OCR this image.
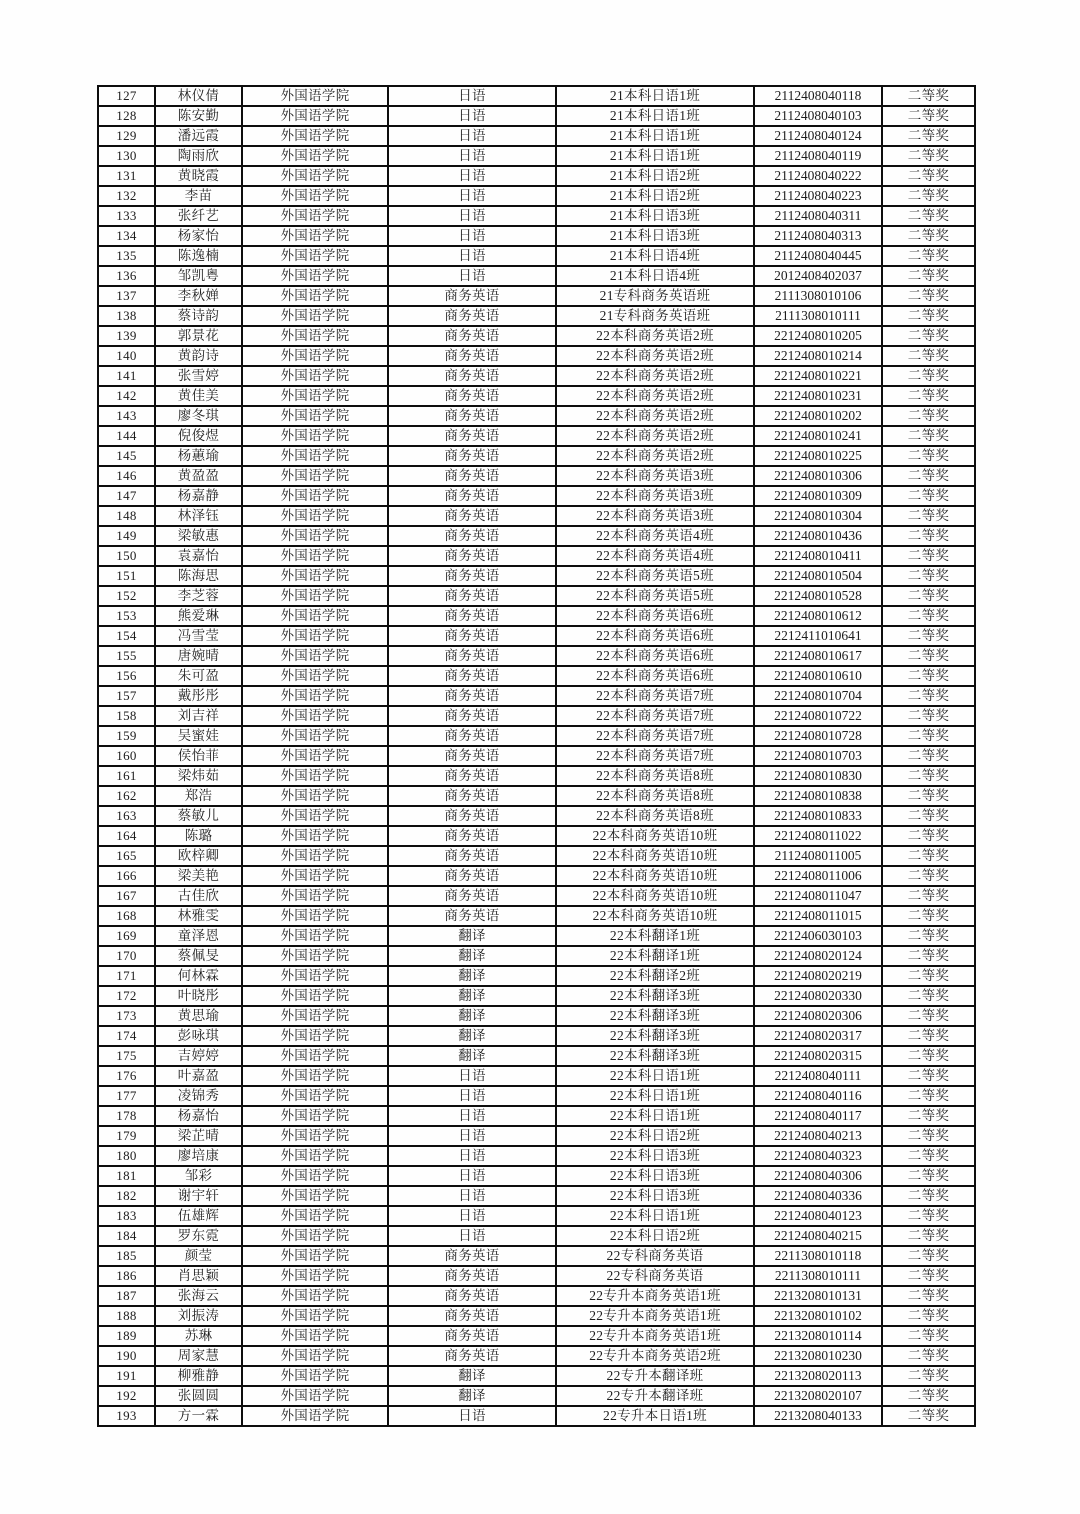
127	林仪倩	外国语学院	日语	21本科日语1班	2112408040118	二等奖
128	陈安勤	外国语学院	日语	21本科日语1班	2112408040103	二等奖
129	潘远霞	外国语学院	日语	21本科日语1班	2112408040124	二等奖
130	陶雨欣	外国语学院	日语	21本科日语1班	2112408040119	二等奖
131	黄晓霞	外国语学院	日语	21本科日语2班	2112408040222	二等奖
132	李苗	外国语学院	日语	21本科日语2班	2112408040223	二等奖
133	张纤艺	外国语学院	日语	21本科日语3班	2112408040311	二等奖
134	杨家怡	外国语学院	日语	21本科日语3班	2112408040313	二等奖
135	陈逸楠	外国语学院	日语	21本科日语4班	2112408040445	二等奖
136	邹凯粤	外国语学院	日语	21本科日语4班	2012408402037	二等奖
137	李秋婵	外国语学院	商务英语	21专科商务英语班	2111308010106	二等奖
138	蔡诗韵	外国语学院	商务英语	21专科商务英语班	2111308010111	二等奖
139	郭景花	外国语学院	商务英语	22本科商务英语2班	2212408010205	二等奖
140	黄韵诗	外国语学院	商务英语	22本科商务英语2班	2212408010214	二等奖
141	张雪婷	外国语学院	商务英语	22本科商务英语2班	2212408010221	二等奖
142	黄佳美	外国语学院	商务英语	22本科商务英语2班	2212408010231	二等奖
143	廖冬琪	外国语学院	商务英语	22本科商务英语2班	2212408010202	二等奖
144	倪俊煜	外国语学院	商务英语	22本科商务英语2班	2212408010241	二等奖
145	杨蕙瑜	外国语学院	商务英语	22本科商务英语2班	2212408010225	二等奖
146	黄盈盈	外国语学院	商务英语	22本科商务英语3班	2212408010306	二等奖
147	杨嘉静	外国语学院	商务英语	22本科商务英语3班	2212408010309	二等奖
148	林泽钰	外国语学院	商务英语	22本科商务英语3班	2212408010304	二等奖
149	梁敏惠	外国语学院	商务英语	22本科商务英语4班	2212408010436	二等奖
150	袁嘉怡	外国语学院	商务英语	22本科商务英语4班	2212408010411	二等奖
151	陈海思	外国语学院	商务英语	22本科商务英语5班	2212408010504	二等奖
152	李芝蓉	外国语学院	商务英语	22本科商务英语5班	2212408010528	二等奖
153	熊爱琳	外国语学院	商务英语	22本科商务英语6班	2212408010612	二等奖
154	冯雪莹	外国语学院	商务英语	22本科商务英语6班	2212411010641	二等奖
155	唐婉晴	外国语学院	商务英语	22本科商务英语6班	2212408010617	二等奖
156	朱可盈	外国语学院	商务英语	22本科商务英语6班	2212408010610	二等奖
157	戴彤彤	外国语学院	商务英语	22本科商务英语7班	2212408010704	二等奖
158	刘吉祥	外国语学院	商务英语	22本科商务英语7班	2212408010722	二等奖
159	吴蜜娃	外国语学院	商务英语	22本科商务英语7班	2212408010728	二等奖
160	侯怡菲	外国语学院	商务英语	22本科商务英语7班	2212408010703	二等奖
161	梁炜茹	外国语学院	商务英语	22本科商务英语8班	2212408010830	二等奖
162	郑浩	外国语学院	商务英语	22本科商务英语8班	2212408010838	二等奖
163	蔡敏儿	外国语学院	商务英语	22本科商务英语8班	2212408010833	二等奖
164	陈璐	外国语学院	商务英语	22本科商务英语10班	2212408011022	二等奖
165	欧梓卿	外国语学院	商务英语	22本科商务英语10班	2112408011005	二等奖
166	梁美艳	外国语学院	商务英语	22本科商务英语10班	2212408011006	二等奖
167	古佳欣	外国语学院	商务英语	22本科商务英语10班	2212408011047	二等奖
168	林雅雯	外国语学院	商务英语	22本科商务英语10班	2212408011015	二等奖
169	童泽恩	外国语学院	翻译	22本科翻译1班	2212406030103	二等奖
170	蔡佩旻	外国语学院	翻译	22本科翻译1班	2212408020124	二等奖
171	何林霖	外国语学院	翻译	22本科翻译2班	2212408020219	二等奖
172	叶晓彤	外国语学院	翻译	22本科翻译3班	2212408020330	二等奖
173	黄思瑜	外国语学院	翻译	22本科翻译3班	2212408020306	二等奖
174	彭咏琪	外国语学院	翻译	22本科翻译3班	2212408020317	二等奖
175	吉婷婷	外国语学院	翻译	22本科翻译3班	2212408020315	二等奖
176	叶嘉盈	外国语学院	日语	22本科日语1班	2212408040111	二等奖
177	凌锦秀	外国语学院	日语	22本科日语1班	2212408040116	二等奖
178	杨嘉怡	外国语学院	日语	22本科日语1班	2212408040117	二等奖
179	梁芷晴	外国语学院	日语	22本科日语2班	2212408040213	二等奖
180	廖培康	外国语学院	日语	22本科日语3班	2212408040323	二等奖
181	邹彩	外国语学院	日语	22本科日语3班	2212408040306	二等奖
182	谢宇轩	外国语学院	日语	22本科日语3班	2212408040336	二等奖
183	伍雄辉	外国语学院	日语	22本科日语1班	2212408040123	二等奖
184	罗东霓	外国语学院	日语	22本科日语2班	2212408040215	二等奖
185	颜莹	外国语学院	商务英语	22专科商务英语	2211308010118	二等奖
186	肖思颖	外国语学院	商务英语	22专科商务英语	2211308010111	二等奖
187	张海云	外国语学院	商务英语	22专升本商务英语1班	2213208010131	二等奖
188	刘振涛	外国语学院	商务英语	22专升本商务英语1班	2213208010102	二等奖
189	苏琳	外国语学院	商务英语	22专升本商务英语1班	2213208010114	二等奖
190	周家慧	外国语学院	商务英语	22专升本商务英语2班	2213208010230	二等奖
191	柳雅静	外国语学院	翻译	22专升本翻译班	2213208020113	二等奖
192	张圆圆	外国语学院	翻译	22专升本翻译班	2213208020107	二等奖
193	方一霖	外国语学院	日语	22专升本日语1班	2213208040133	二等奖
